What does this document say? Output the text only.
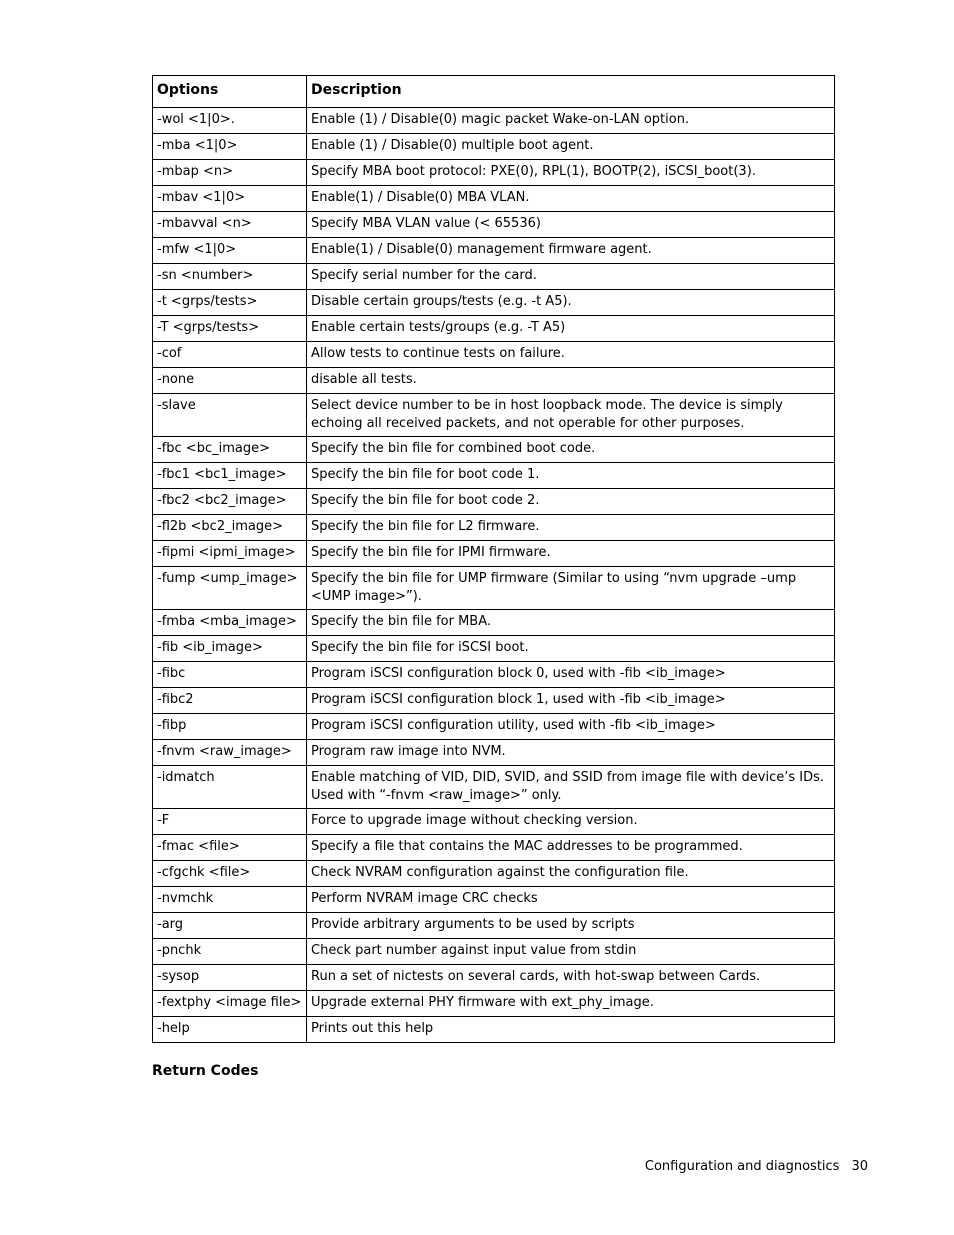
Options	Description
-wol <1|0>.	Enable (1) / Disable(0) magic packet Wake-on-LAN option.
-mba <1|0>	Enable (1) / Disable(0) multiple boot agent.
-mbap <n>	Specify MBA boot protocol: PXE(0), RPL(1), BOOTP(2), iSCSI_boot(3).
-mbav <1|0>	Enable(1) / Disable(0) MBA VLAN.
-mbavval <n>	Specify MBA VLAN value (< 65536)
-mfw <1|0>	Enable(1) / Disable(0) management firmware agent.
-sn <number>	Specify serial number for the card.
-t <grps/tests>	Disable certain groups/tests (e.g. -t A5).
-T <grps/tests>	Enable certain tests/groups (e.g. -T A5)
-cof	Allow tests to continue tests on failure.
-none	disable all tests.
-slave	Select device number to be in host loopback mode. The device is simply echoing all received packets, and not operable for other purposes.
-fbc <bc_image>	Specify the bin file for combined boot code.
-fbc1 <bc1_image>	Specify the bin file for boot code 1.
-fbc2 <bc2_image>	Specify the bin file for boot code 2.
-fl2b <bc2_image>	Specify the bin file for L2 firmware.
-fipmi <ipmi_image>	Specify the bin file for IPMI firmware.
-fump <ump_image>	Specify the bin file for UMP firmware (Similar to using “nvm upgrade –ump <UMP image>”).
-fmba <mba_image>	Specify the bin file for MBA.
-fib <ib_image>	Specify the bin file for iSCSI boot.
-fibc	Program iSCSI configuration block 0, used with -fib <ib_image>
-fibc2	Program iSCSI configuration block 1, used with -fib <ib_image>
-fibp	Program iSCSI configuration utility, used with -fib <ib_image>
-fnvm <raw_image>	Program raw image into NVM.
-idmatch	Enable matching of VID, DID, SVID, and SSID from image file with device’s IDs. Used with “-fnvm <raw_image>” only.
-F	Force to upgrade image without checking version.
-fmac <file>	Specify a file that contains the MAC addresses to be programmed.
-cfgchk <file>	Check NVRAM configuration against the configuration file.
-nvmchk	Perform NVRAM image CRC checks
-arg	Provide arbitrary arguments to be used by scripts
-pnchk	Check part number against input value from stdin
-sysop	Run a set of nictests on several cards, with hot-swap between Cards.
-fextphy <image file>	Upgrade external PHY firmware with ext_phy_image.
-help	Prints out this help
Return Codes
Configuration and diagnostics 30
